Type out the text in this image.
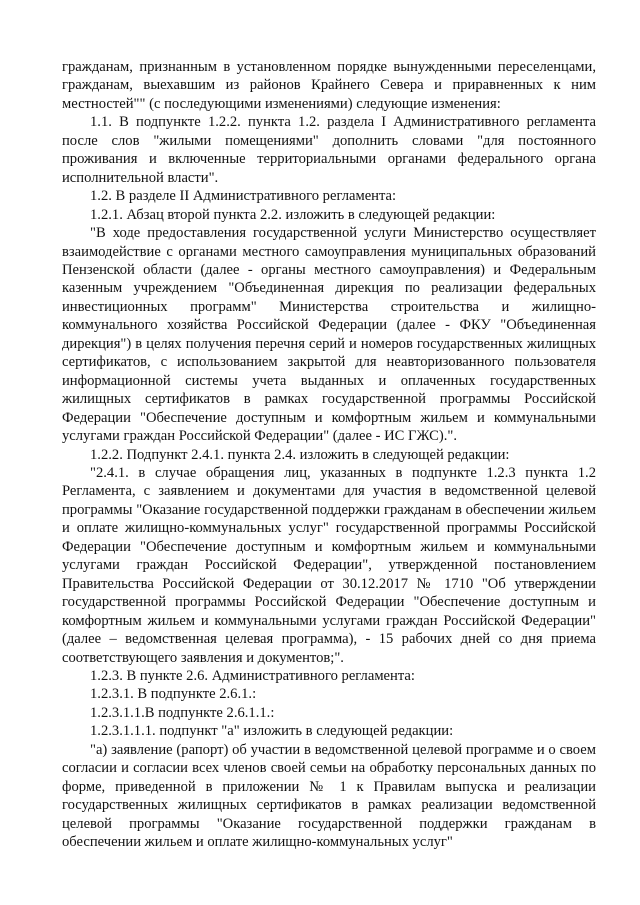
гражданам, признанным в установленном порядке вынужденными переселенцами, гражданам, выехавшим из районов Крайнего Севера и приравненных к ним местностей"" (с последующими изменениями) следующие изменения:

1.1. В подпункте 1.2.2. пункта 1.2. раздела I Административного регламента после слов "жилыми помещениями" дополнить словами "для постоянного проживания и включенные территориальными органами федерального органа исполнительной власти".

1.2. В разделе II Административного регламента:

1.2.1. Абзац второй пункта 2.2. изложить в следующей редакции:

"В ходе предоставления государственной услуги Министерство осуществляет взаимодействие с органами местного самоуправления муниципальных образований Пензенской области (далее - органы местного самоуправления) и Федеральным казенным учреждением "Объединенная дирекция по реализации федеральных инвестиционных программ" Министерства строительства и жилищно-коммунального хозяйства Российской Федерации (далее - ФКУ "Объединенная дирекция") в целях получения перечня серий и номеров государственных жилищных сертификатов, с использованием закрытой для неавторизованного пользователя информационной системы учета выданных и оплаченных государственных жилищных сертификатов в рамках государственной программы Российской Федерации "Обеспечение доступным и комфортным жильем и коммунальными услугами граждан Российской Федерации" (далее - ИС ГЖС).".

1.2.2. Подпункт 2.4.1. пункта 2.4. изложить в следующей редакции:

"2.4.1. в случае обращения лиц, указанных в подпункте 1.2.3 пункта 1.2 Регламента, с заявлением и документами для участия в ведомственной целевой программы "Оказание государственной поддержки гражданам в обеспечении жильем и оплате жилищно-коммунальных услуг" государственной программы Российской Федерации "Обеспечение доступным и комфортным жильем и коммунальными услугами граждан Российской Федерации", утвержденной постановлением Правительства Российской Федерации от 30.12.2017 № 1710 "Об утверждении государственной программы Российской Федерации "Обеспечение доступным и комфортным жильем и коммунальными услугами граждан Российской Федерации" (далее – ведомственная целевая программа), - 15 рабочих дней со дня приема соответствующего заявления и документов;".

1.2.3. В пункте 2.6. Административного регламента:

1.2.3.1. В подпункте 2.6.1.:

1.2.3.1.1.В подпункте 2.6.1.1.:

1.2.3.1.1.1. подпункт "а" изложить в следующей редакции:

"а) заявление (рапорт) об участии в ведомственной целевой программе и о своем согласии и согласии всех членов своей семьи на обработку персональных данных по форме, приведенной в приложении № 1 к Правилам выпуска и реализации государственных жилищных сертификатов в рамках реализации ведомственной целевой программы "Оказание государственной поддержки гражданам в обеспечении жильем и оплате жилищно-коммунальных услуг"
